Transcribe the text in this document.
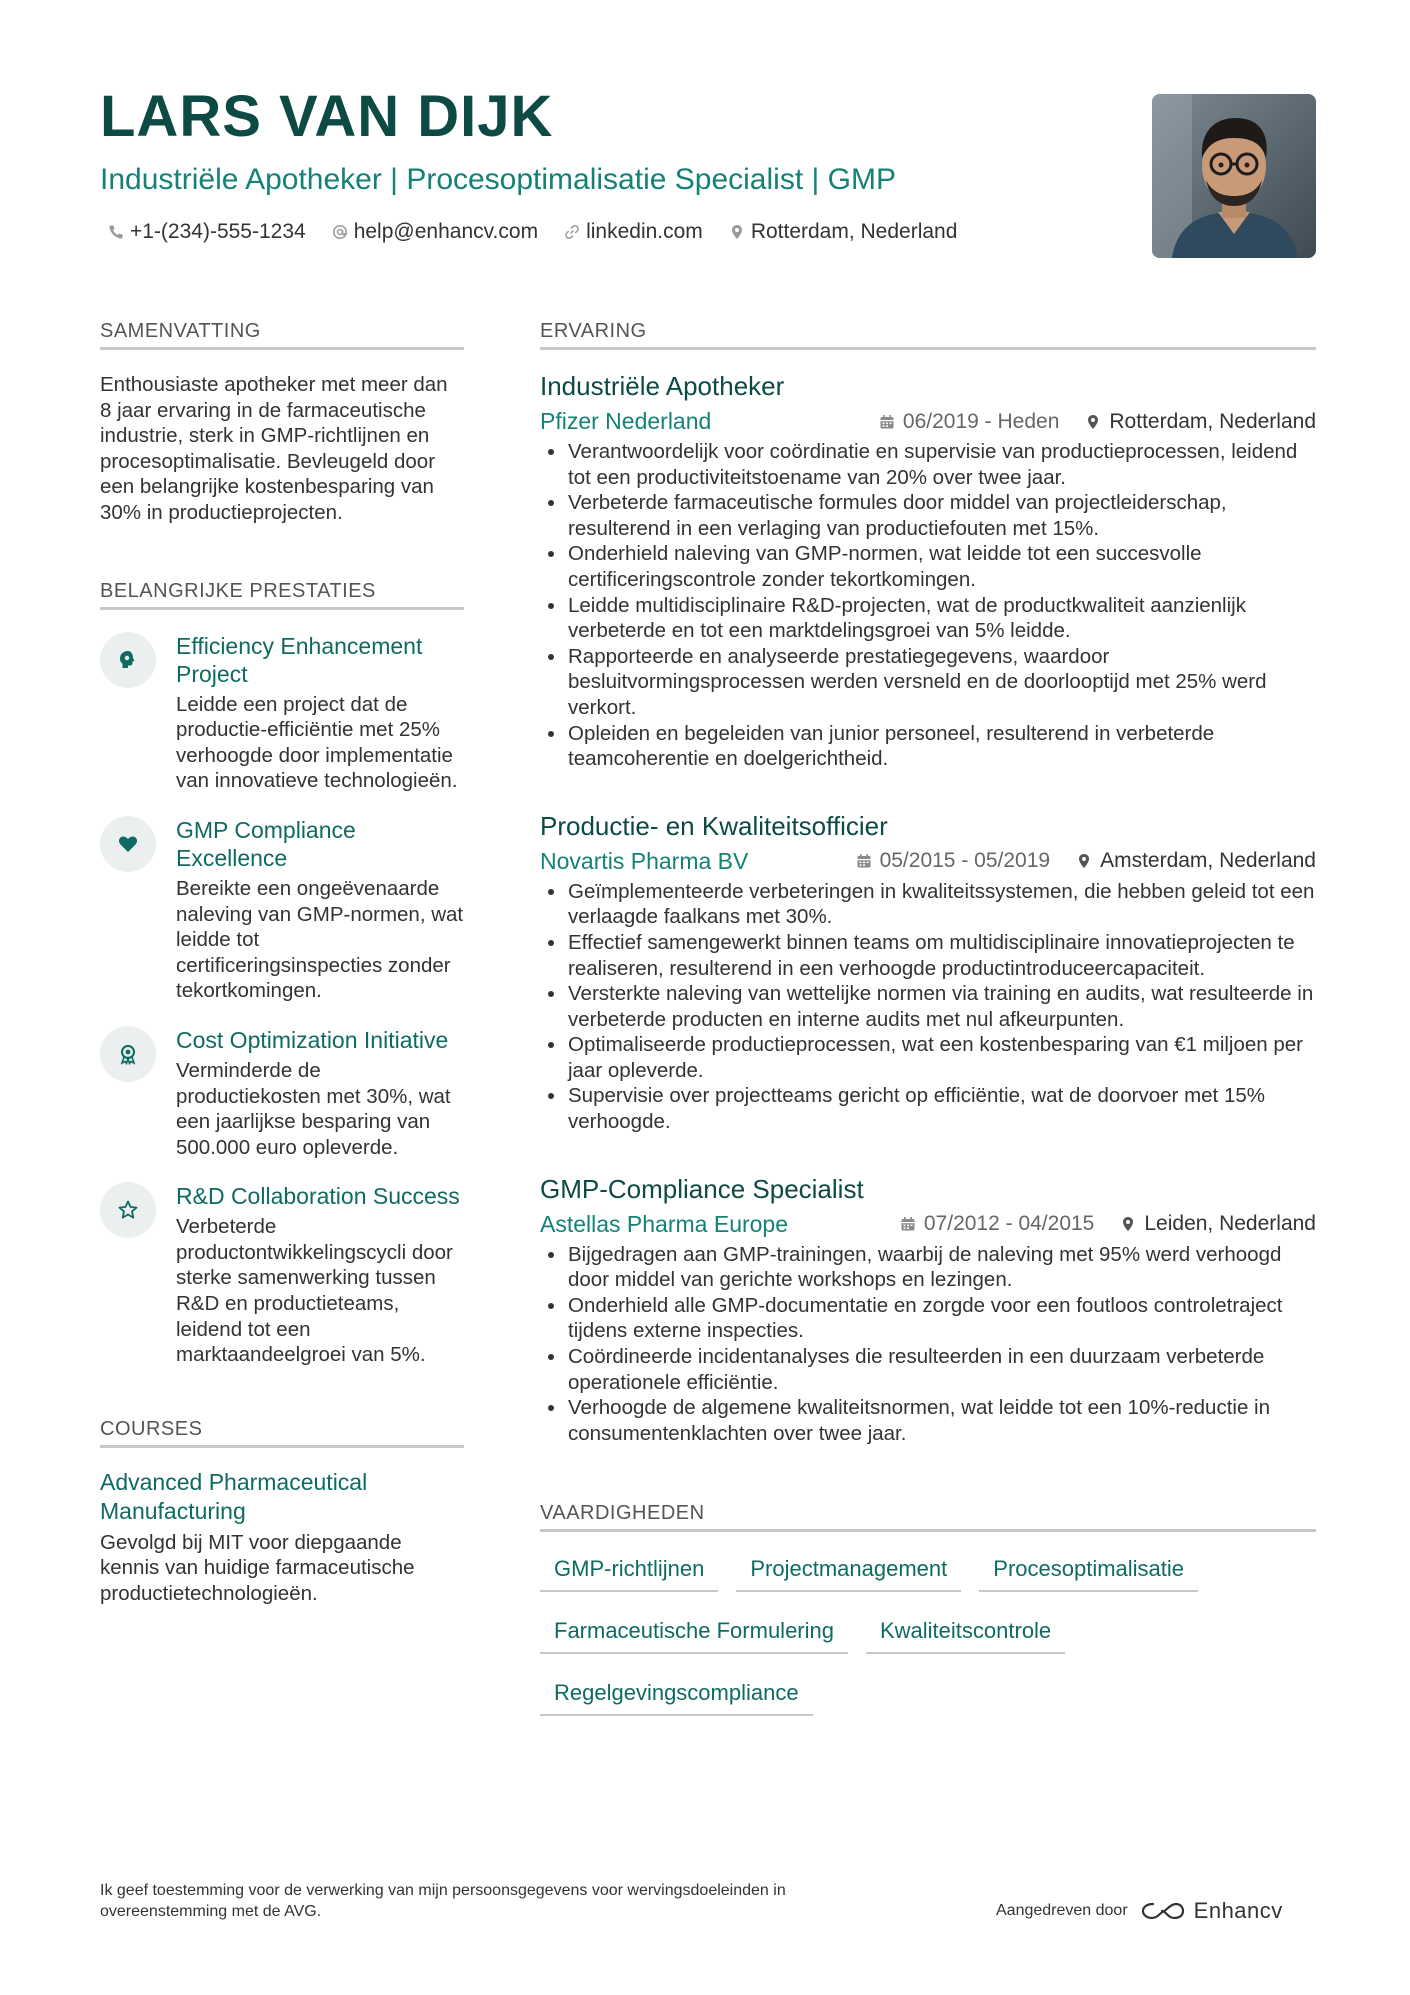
LARS VAN DIJK
Industriële Apotheker | Procesoptimalisatie Specialist | GMP
+1-(234)-555-1234 help@enhancv.com linkedin.com Rotterdam, Nederland
SAMENVATTING

Enthousiaste apotheker met meer dan 8 jaar ervaring in de farmaceutische industrie, sterk in GMP-richtlijnen en procesoptimalisatie. Bevleugeld door een belangrijke kostenbesparing van 30% in productieprojecten.

BELANGRIJKE PRESTATIES
Efficiency Enhancement Project
Leidde een project dat de productie-efficiëntie met 25% verhoogde door implementatie van innovatieve technologieën.
GMP Compliance Excellence
Bereikte een ongeëvenaarde naleving van GMP-normen, wat leidde tot certificeringsinspecties zonder tekortkomingen.
Cost Optimization Initiative
Verminderde de productiekosten met 30%, wat een jaarlijkse besparing van 500.000 euro opleverde.
R&D Collaboration Success
Verbeterde productontwikkelingscycli door sterke samenwerking tussen R&D en productieteams, leidend tot een marktaandeelgroei van 5%.
COURSES
Advanced Pharmaceutical Manufacturing
Gevolgd bij MIT voor diepgaande kennis van huidige farmaceutische productietechnologieën.
ERVARING
Industriële Apotheker
Pfizer Nederland	06/2019 - Heden Rotterdam, Nederland
Verantwoordelijk voor coördinatie en supervisie van productieprocessen, leidend tot een productiviteitstoename van 20% over twee jaar.
Verbeterde farmaceutische formules door middel van projectleiderschap, resulterend in een verlaging van productiefouten met 15%.
Onderhield naleving van GMP-normen, wat leidde tot een succesvolle certificeringscontrole zonder tekortkomingen.
Leidde multidisciplinaire R&D-projecten, wat de productkwaliteit aanzienlijk verbeterde en tot een marktdelingsgroei van 5% leidde.
Rapporteerde en analyseerde prestatiegegevens, waardoor besluitvormingsprocessen werden versneld en de doorlooptijd met 25% werd verkort.
Opleiden en begeleiden van junior personeel, resulterend in verbeterde teamcoherentie en doelgerichtheid.
Productie- en Kwaliteitsofficier
Novartis Pharma BV	05/2015 - 05/2019 Amsterdam, Nederland
Geïmplementeerde verbeteringen in kwaliteitssystemen, die hebben geleid tot een verlaagde faalkans met 30%.
Effectief samengewerkt binnen teams om multidisciplinaire innovatieprojecten te realiseren, resulterend in een verhoogde productintroduceercapaciteit.
Versterkte naleving van wettelijke normen via training en audits, wat resulteerde in verbeterde producten en interne audits met nul afkeurpunten.
Optimaliseerde productieprocessen, wat een kostenbesparing van €1 miljoen per jaar opleverde.
Supervisie over projectteams gericht op efficiëntie, wat de doorvoer met 15% verhoogde.
GMP-Compliance Specialist
Astellas Pharma Europe	07/2012 - 04/2015 Leiden, Nederland
Bijgedragen aan GMP-trainingen, waarbij de naleving met 95% werd verhoogd door middel van gerichte workshops en lezingen.
Onderhield alle GMP-documentatie en zorgde voor een foutloos controletraject tijdens externe inspecties.
Coördineerde incidentanalyses die resulteerden in een duurzaam verbeterde operationele efficiëntie.
Verhoogde de algemene kwaliteitsnormen, wat leidde tot een 10%-reductie in consumentenklachten over twee jaar.
VAARDIGHEDEN
GMP-richtlijnen	Projectmanagement	Procesoptimalisatie
Farmaceutische Formulering	Kwaliteitscontrole
Regelgevingscompliance
Ik geef toestemming voor de verwerking van mijn persoonsgegevens voor wervingsdoeleinden in overeenstemming met de AVG.	Aangedreven door	Enhancv
